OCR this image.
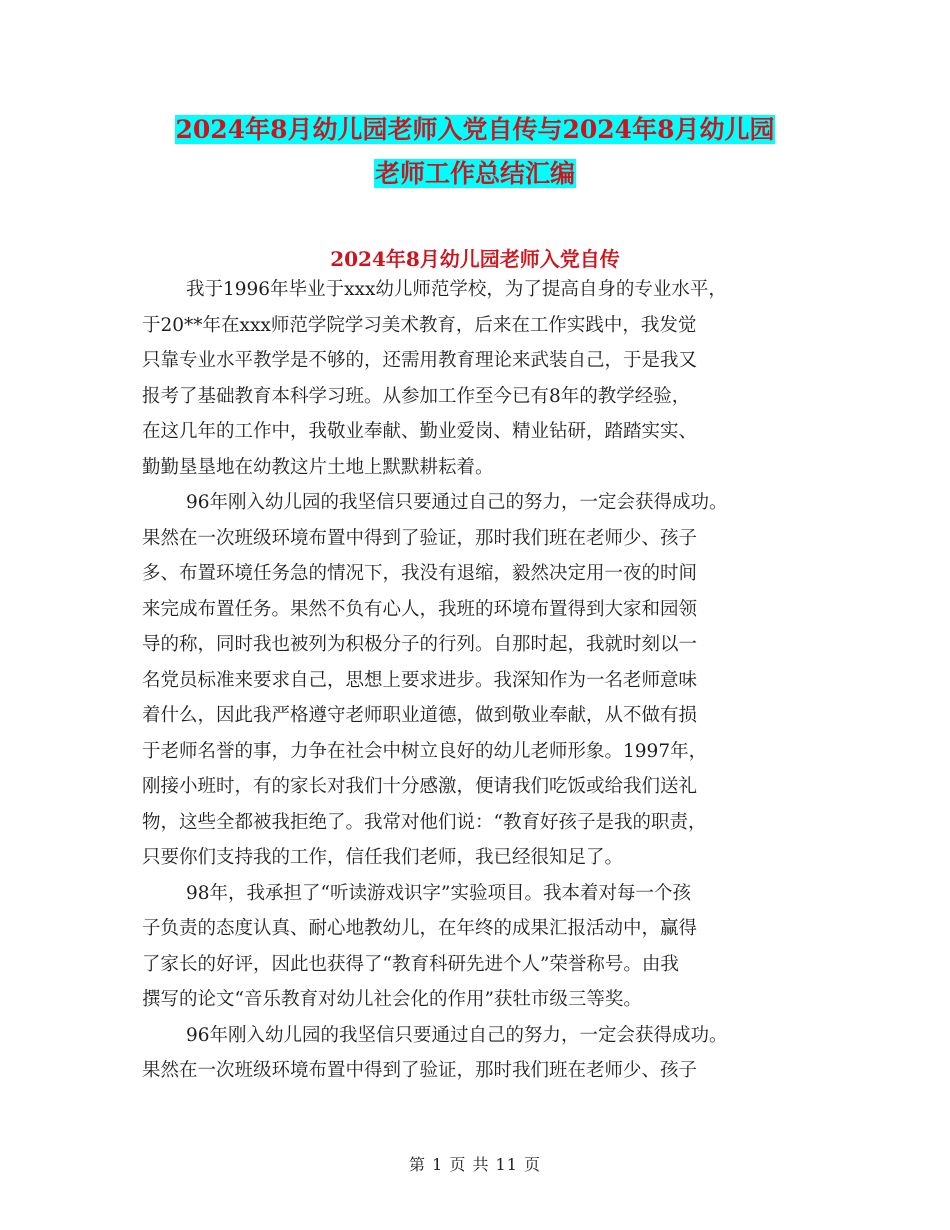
2024年8月幼儿园老师入党自传与2024年8月幼儿园
老师工作总结汇编
2024年8月幼儿园老师入党自传
我于1996年毕业于xxx幼儿师范学校，为了提高自身的专业水平，
于20**年在xxx师范学院学习美术教育，后来在工作实践中，我发觉
只靠专业水平教学是不够的，还需用教育理论来武装自己，于是我又
报考了基础教育本科学习班。从参加工作至今已有8年的教学经验，
在这几年的工作中，我敬业奉献、勤业爱岗、精业钻研，踏踏实实、
勤勤垦垦地在幼教这片土地上默默耕耘着。
96年刚入幼儿园的我坚信只要通过自己的努力，一定会获得成功。
果然在一次班级环境布置中得到了验证，那时我们班在老师少、孩子
多、布置环境任务急的情况下，我没有退缩，毅然决定用一夜的时间
来完成布置任务。果然不负有心人，我班的环境布置得到大家和园领
导的称，同时我也被列为积极分子的行列。自那时起，我就时刻以一
名党员标准来要求自己，思想上要求进步。我深知作为一名老师意味
着什么，因此我严格遵守老师职业道德，做到敬业奉献，从不做有损
于老师名誉的事，力争在社会中树立良好的幼儿老师形象。1997年，
刚接小班时，有的家长对我们十分感激，便请我们吃饭或给我们送礼
物，这些全都被我拒绝了。我常对他们说：“教育好孩子是我的职责，
只要你们支持我的工作，信任我们老师，我已经很知足了。
98年，我承担了“听读游戏识字”实验项目。我本着对每一个孩
子负责的态度认真、耐心地教幼儿，在年终的成果汇报活动中，赢得
了家长的好评，因此也获得了“教育科研先进个人”荣誉称号。由我
撰写的论文“音乐教育对幼儿社会化的作用”获牡市级三等奖。
96年刚入幼儿园的我坚信只要通过自己的努力，一定会获得成功。
果然在一次班级环境布置中得到了验证，那时我们班在老师少、孩子
第 1 页 共 11 页
